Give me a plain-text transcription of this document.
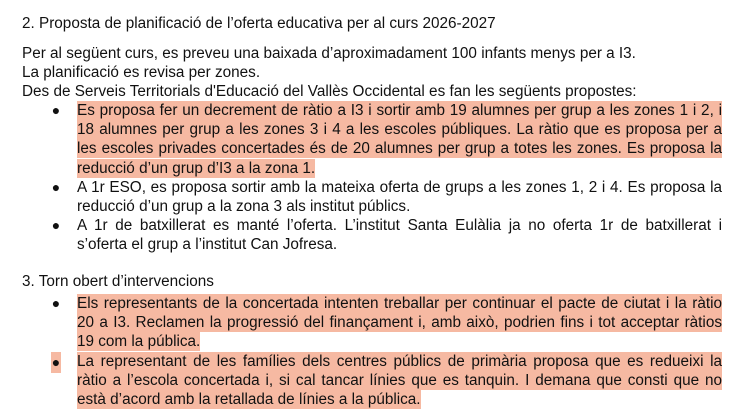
2. Proposta de planificació de l’oferta educativa per al curs 2026-2027

Per al següent curs, es preveu una baixada d’aproximadament 100 infants menys per a I3.

La planificació es revisa per zones.

Des de Serveis Territorials d'Educació del Vallès Occidental es fan les següents propostes:

● Es proposa fer un decrement de ràtio a I3 i sortir amb 19 alumnes per grup a les zones 1 i 2, i 18 alumnes per grup a les zones 3 i 4 a les escoles públiques. La ràtio que es proposa per a les escoles privades concertades és de 20 alumnes per grup a totes les zones. Es proposa la reducció d’un grup d’I3 a la zona 1.
● A 1r ESO, es proposa sortir amb la mateixa oferta de grups a les zones 1, 2 i 4. Es proposa la reducció d’un grup a la zona 3 als institut públics.
● A 1r de batxillerat es manté l’oferta. L’institut Santa Eulàlia ja no oferta 1r de batxillerat i s’oferta el grup a l’institut Can Jofresa.
3. Torn obert d’intervencions
● Els representants de la concertada intenten treballar per continuar el pacte de ciutat i la ràtio 20 a I3. Reclamen la progressió del finançament i, amb això, podrien fins i tot acceptar ràtios 19 com la pública.
● La representant de les famílies dels centres públics de primària proposa que es redueixi la ràtio a l’escola concertada i, si cal tancar línies que es tanquin. I demana que consti que no està d’acord amb la retallada de línies a la pública.
